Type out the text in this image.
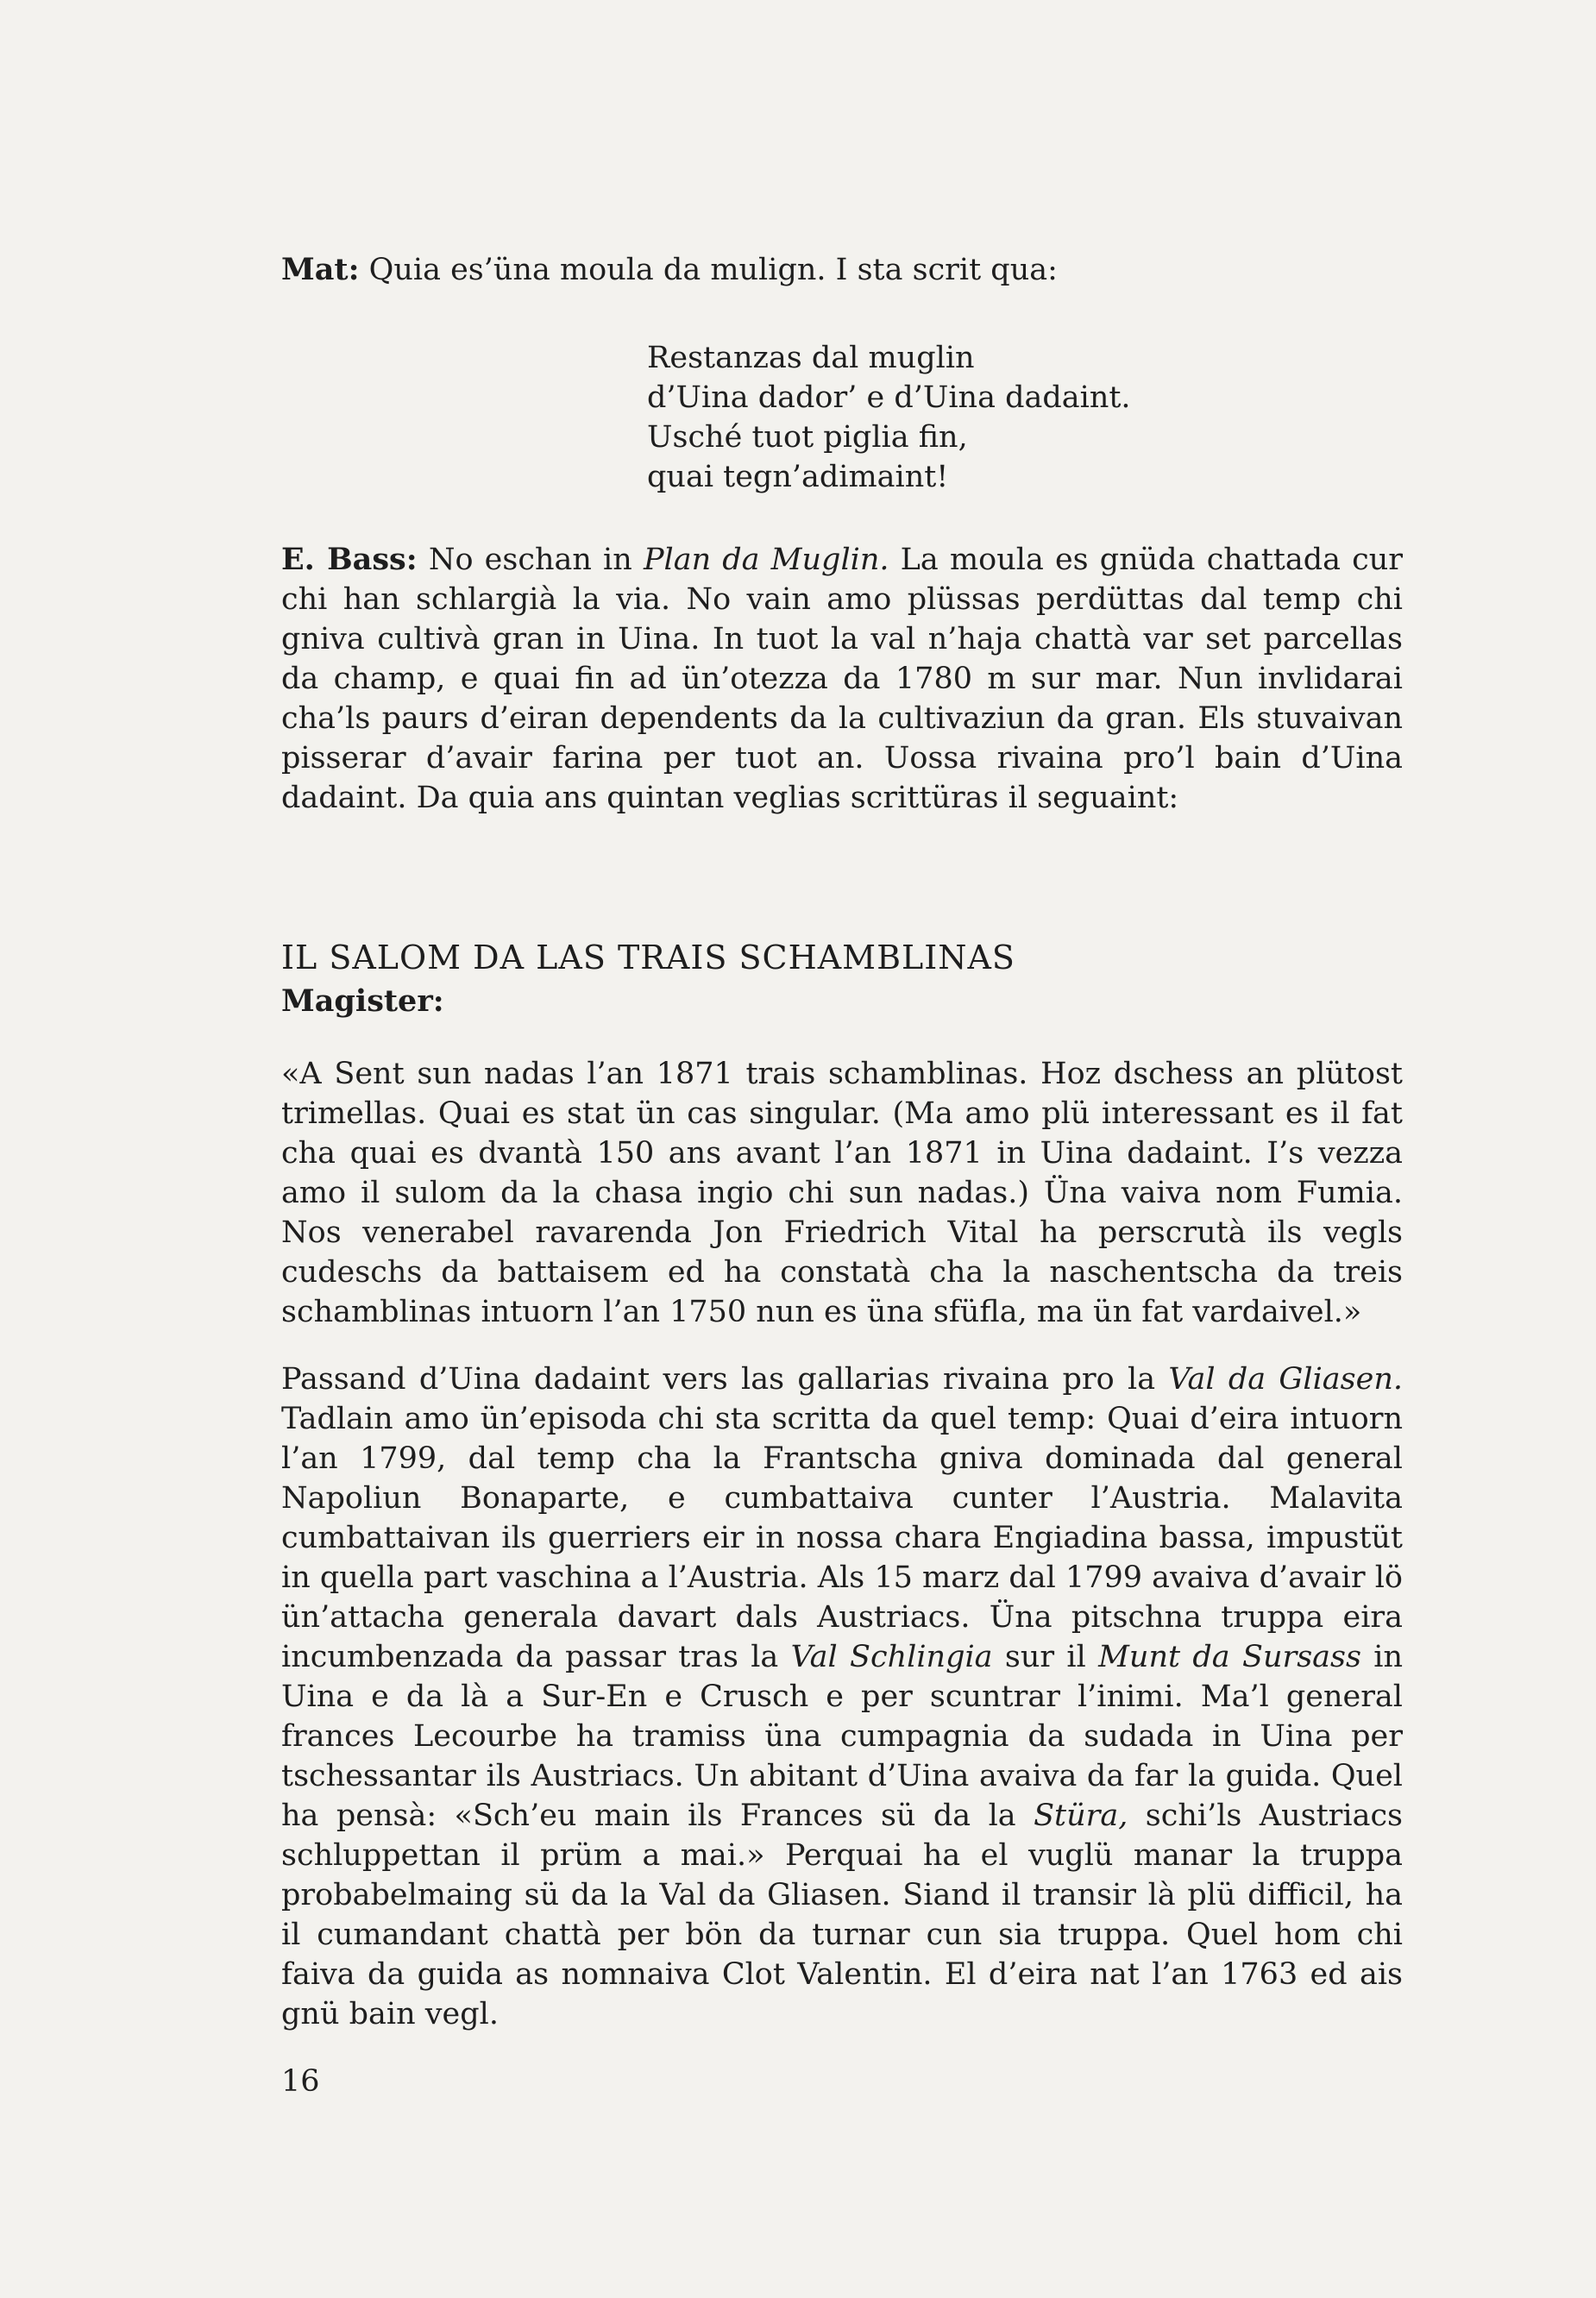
Mat: Quia es’üna moula da mulign. I sta scrit qua:

Restanzas dal muglin
d’Uina dador’ e d’Uina dadaint.
Usché tuot piglia fin,
quai tegn’adimaint!

E. Bass: No eschan in Plan da Muglin. La moula es gnüda chattada cur chi han schlargià la via. No vain amo plüssas perdüttas dal temp chi gniva cultivà gran in Uina. In tuot la val n’haja chattà var set parcellas da champ, e quai fin ad ün’otezza da 1780 m sur mar. Nun invlidarai cha’ls paurs d’eiran dependents da la cultivaziun da gran. Els stuvaivan pisserar d’avair farina per tuot an. Uossa rivaina pro’l bain d’Uina dadaint. Da quia ans quintan veglias scrittüras il seguaint:

IL SALOM DA LAS TRAIS SCHAMBLINAS
Magister:

«A Sent sun nadas l’an 1871 trais schamblinas. Hoz dschess an plütost trimellas. Quai es stat ün cas singular. (Ma amo plü interessant es il fat cha quai es dvantà 150 ans avant l’an 1871 in Uina dadaint. I’s vezza amo il sulom da la chasa ingio chi sun nadas.) Üna vaiva nom Fumia. Nos venerabel ravarenda Jon Friedrich Vital ha perscrutà ils vegls cudeschs da battaisem ed ha constatà cha la naschentscha da treis schamblinas intuorn l’an 1750 nun es üna sfüfla, ma ün fat vardaivel.»

Passand d’Uina dadaint vers las gallarias rivaina pro la Val da Gliasen. Tadlain amo ün’episoda chi sta scritta da quel temp: Quai d’eira intuorn l’an 1799, dal temp cha la Frantscha gniva dominada dal general Napoliun Bonaparte, e cumbattaiva cunter l’Austria. Malavita cumbattaivan ils guerriers eir in nossa chara Engiadina bassa, impustüt in quella part vaschina a l’Austria. Als 15 marz dal 1799 avaiva d’avair lö ün’attacha generala davart dals Austriacs. Üna pitschna truppa eira incumbenzada da passar tras la Val Schlingia sur il Munt da Sursass in Uina e da là a Sur-En e Crusch e per scuntrar l’inimi. Ma’l general frances Lecourbe ha tramiss üna cumpagnia da sudada in Uina per tschessantar ils Austriacs. Un abitant d’Uina avaiva da far la guida. Quel ha pensà: «Sch’eu main ils Frances sü da la Stüra, schi’ls Austriacs schluppettan il prüm a mai.» Perquai ha el vuglü manar la truppa probabelmaing sü da la Val da Gliasen. Siand il transir là plü difficil, ha il cumandant chattà per bön da turnar cun sia truppa. Quel hom chi faiva da guida as nomnaiva Clot Valentin. El d’eira nat l’an 1763 ed ais gnü bain vegl.

16
